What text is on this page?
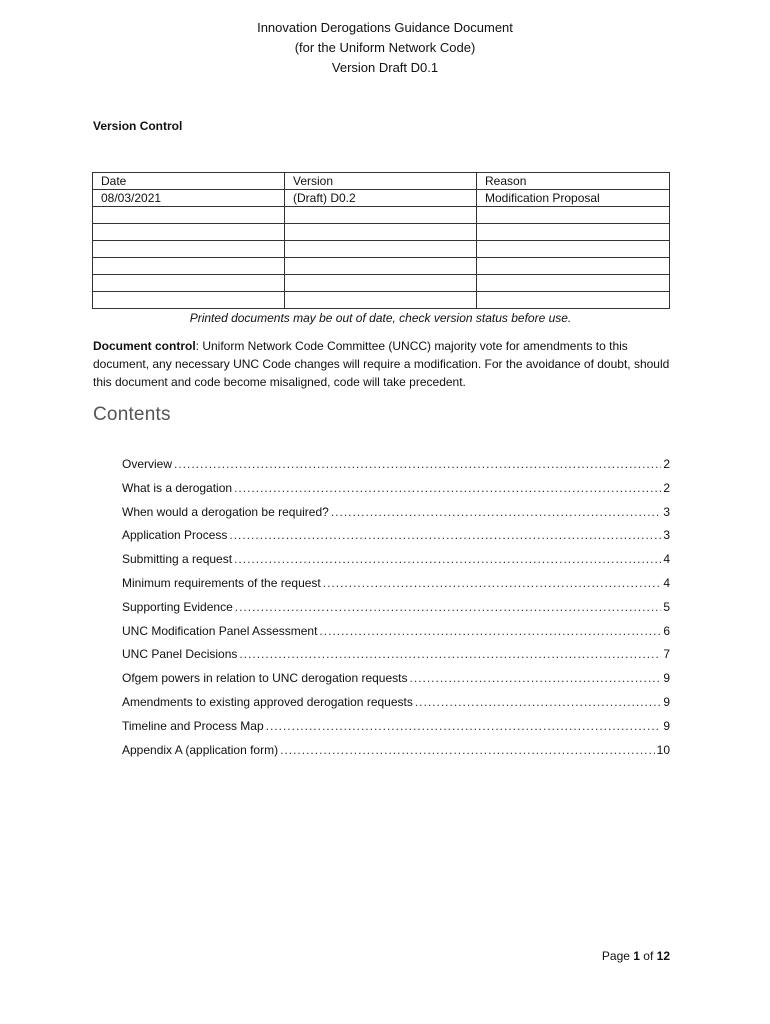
Innovation Derogations Guidance Document
(for the Uniform Network Code)
Version Draft D0.1
Version Control
Date	Version	Reason
08/03/2021	(Draft) D0.2	Modification Proposal

Printed documents may be out of date, check version status before use.
Document control: Uniform Network Code Committee (UNCC) majority vote for amendments to this document, any necessary UNC Code changes will require a modification. For the avoidance of doubt, should this document and code become misaligned, code will take precedent.
Contents
Overview .....	2
What is a derogation .....	2
When would a derogation be required? .....	3
Application Process .....	3
Submitting a request .....	4
Minimum requirements of the request .....	4
Supporting Evidence .....	5
UNC Modification Panel Assessment .....	6
UNC Panel Decisions .....	7
Ofgem powers in relation to UNC derogation requests .....	9
Amendments to existing approved derogation requests .....	9
Timeline and Process Map .....	9
Appendix A (application form) .....	10
Page 1 of 12
